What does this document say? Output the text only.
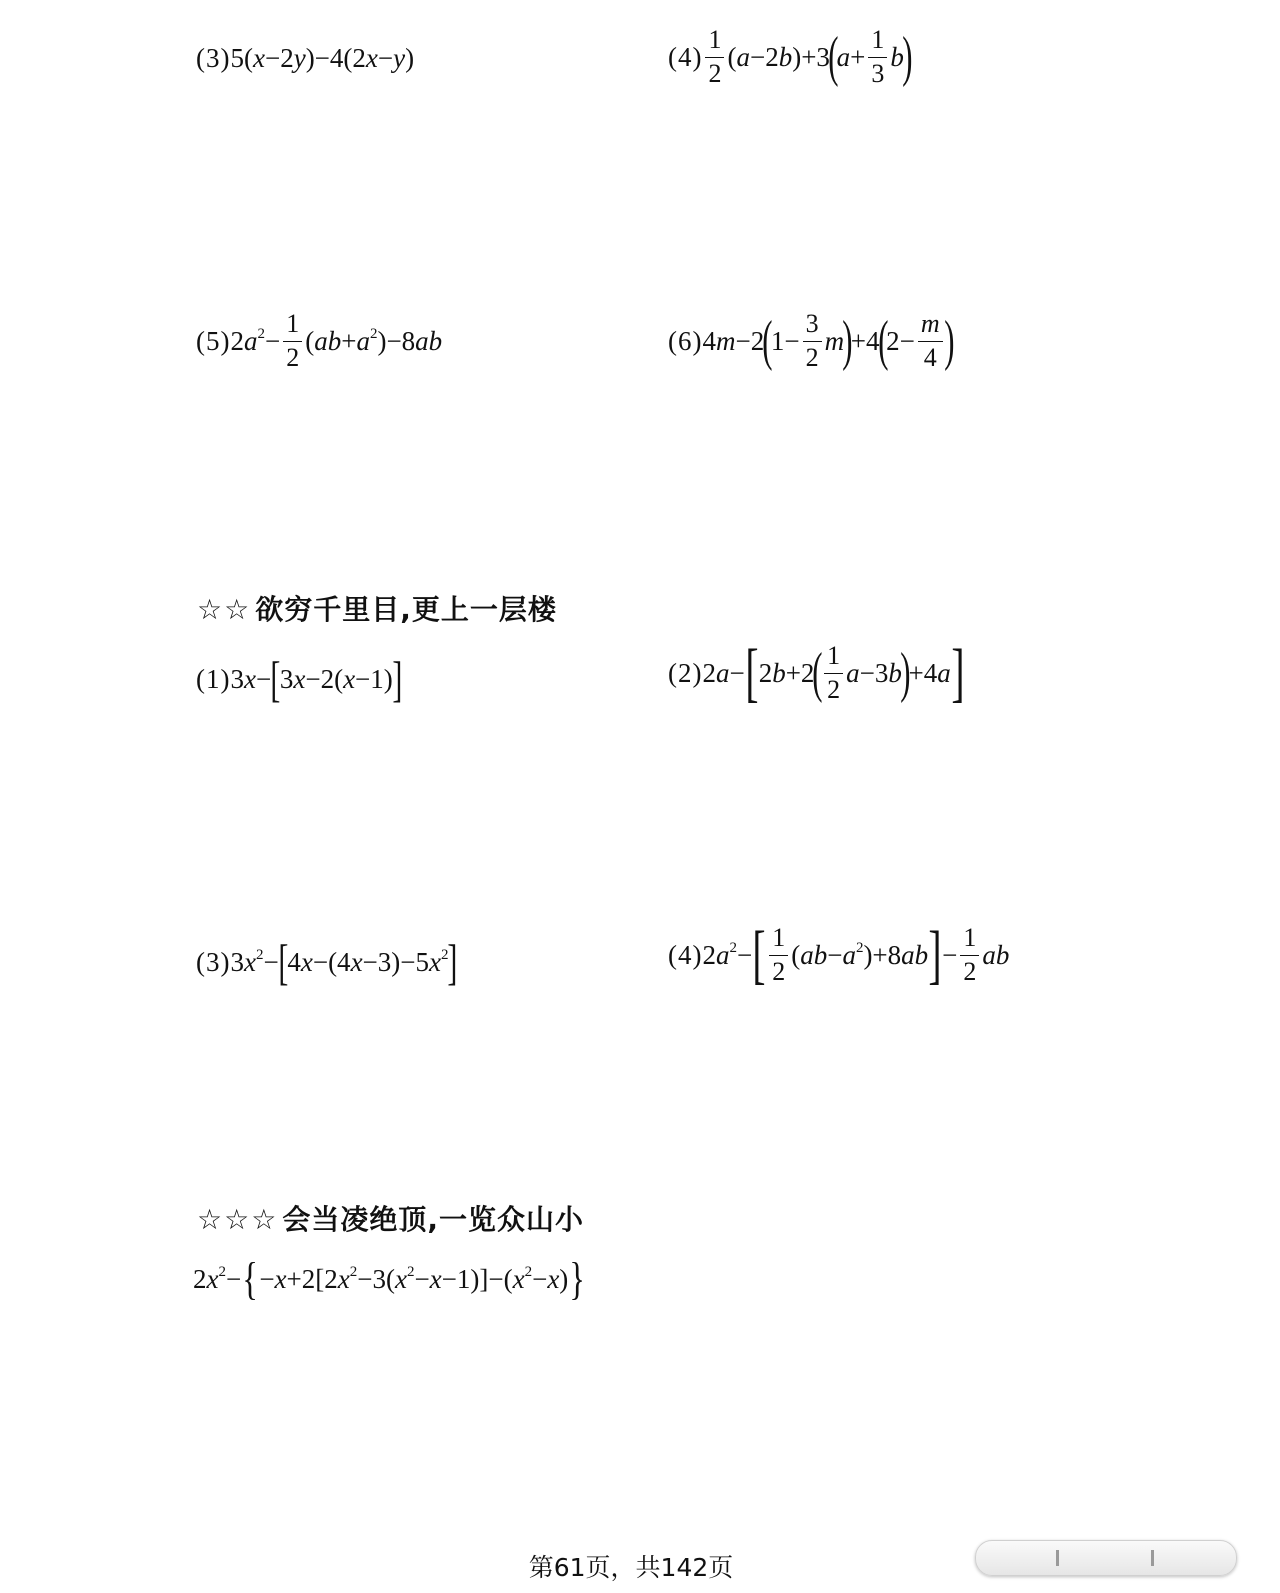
(3) 5(x−2y)−4(2x−y)	$(4) \frac{1}{2} (a-2b)+3$
(
$a + \frac{1}{3}$ b
)
(5) $2a^2- \frac{1}{2} (ab+a^2)-8ab$	(6) 4m−2
(
$1- \frac{3}{2}$ m
)
+4
(
$2- \frac{m}{4}$ )
☆☆ 欲穷千里目,更上一层楼
(1) 3x− [ 3x−2(x−1) ]	(2) 2a− [ 2b+2
( $\frac{1}{2} a-3b$
)
+4a ]
(3) $3x^2-$ [ $4x-(4x-3)-5x^2$ ]	(4) $2a^2-$ [ $\frac{1}{2} (ab-a^2)+8ab$ ] − $\frac{1}{2}$ ab
☆☆☆ 会当凌绝顶,一览众山小
$2x^2-$ { $-x+2[2x^2-3(x^2-x-1)]-(x^2-x)$ }
第61页，共142页
